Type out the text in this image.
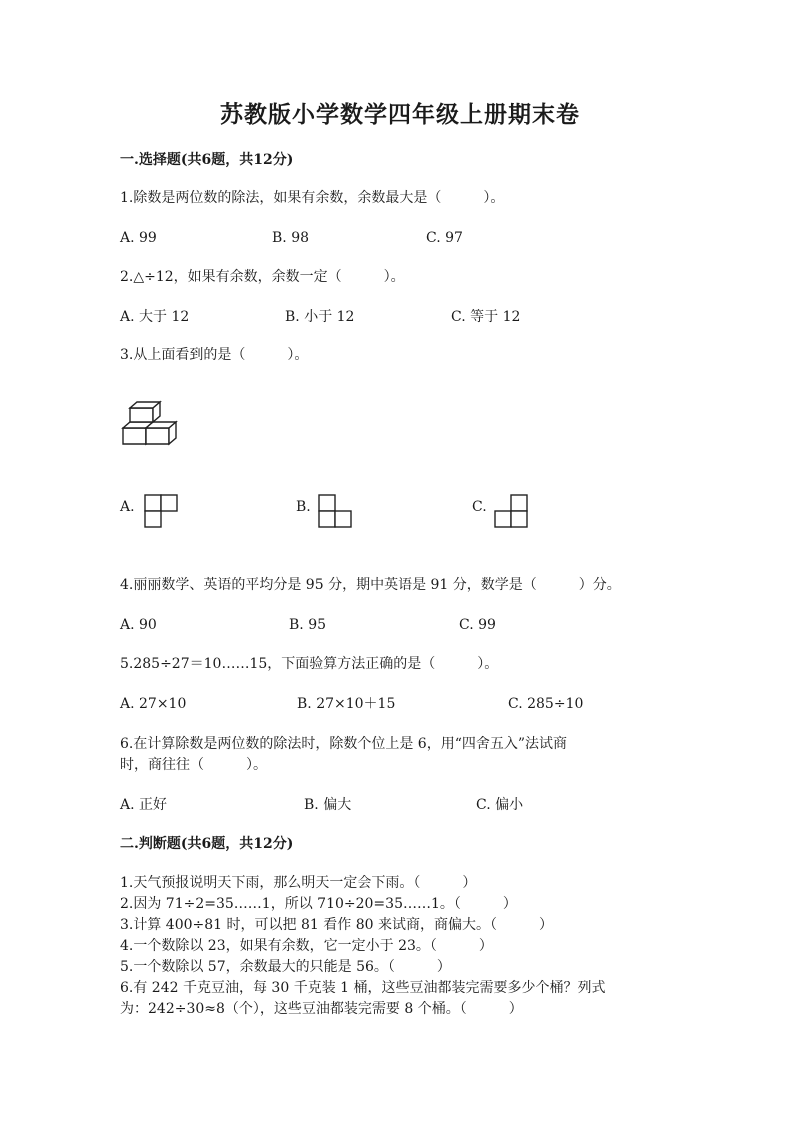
苏教版小学数学四年级上册期末卷
一.选择题(共6题，共12分)
1.除数是两位数的除法，如果有余数，余数最大是（　　　）。
A. 99	B. 98	C. 97
2.△÷12，如果有余数，余数一定（　　　）。
A. 大于 12	B. 小于 12	C. 等于 12
3.从上面看到的是（　　　）。
A.	B.	C.
4.丽丽数学、英语的平均分是 95 分，期中英语是 91 分，数学是（　　　）分。
A. 90	B. 95	C. 99
5.285÷27＝10……15，下面验算方法正确的是（　　　）。
A. 27×10	B. 27×10＋15	C. 285÷10
6.在计算除数是两位数的除法时，除数个位上是 6，用“四舍五入”法试商
时，商往往（　　　）。
A. 正好	B. 偏大	C. 偏小
二.判断题(共6题，共12分)
1.天气预报说明天下雨，那么明天一定会下雨。（　　　）
2.因为 71÷2=35……1，所以 710÷20=35……1。（　　　）
3.计算 400÷81 时，可以把 81 看作 80 来试商，商偏大。（　　　）
4.一个数除以 23，如果有余数，它一定小于 23。（　　　）
5.一个数除以 57，余数最大的只能是 56。（　　　）
6.有 242 千克豆油，每 30 千克装 1 桶，这些豆油都装完需要多少个桶？列式
为：242÷30≈8（个），这些豆油都装完需要 8 个桶。（　　　）
